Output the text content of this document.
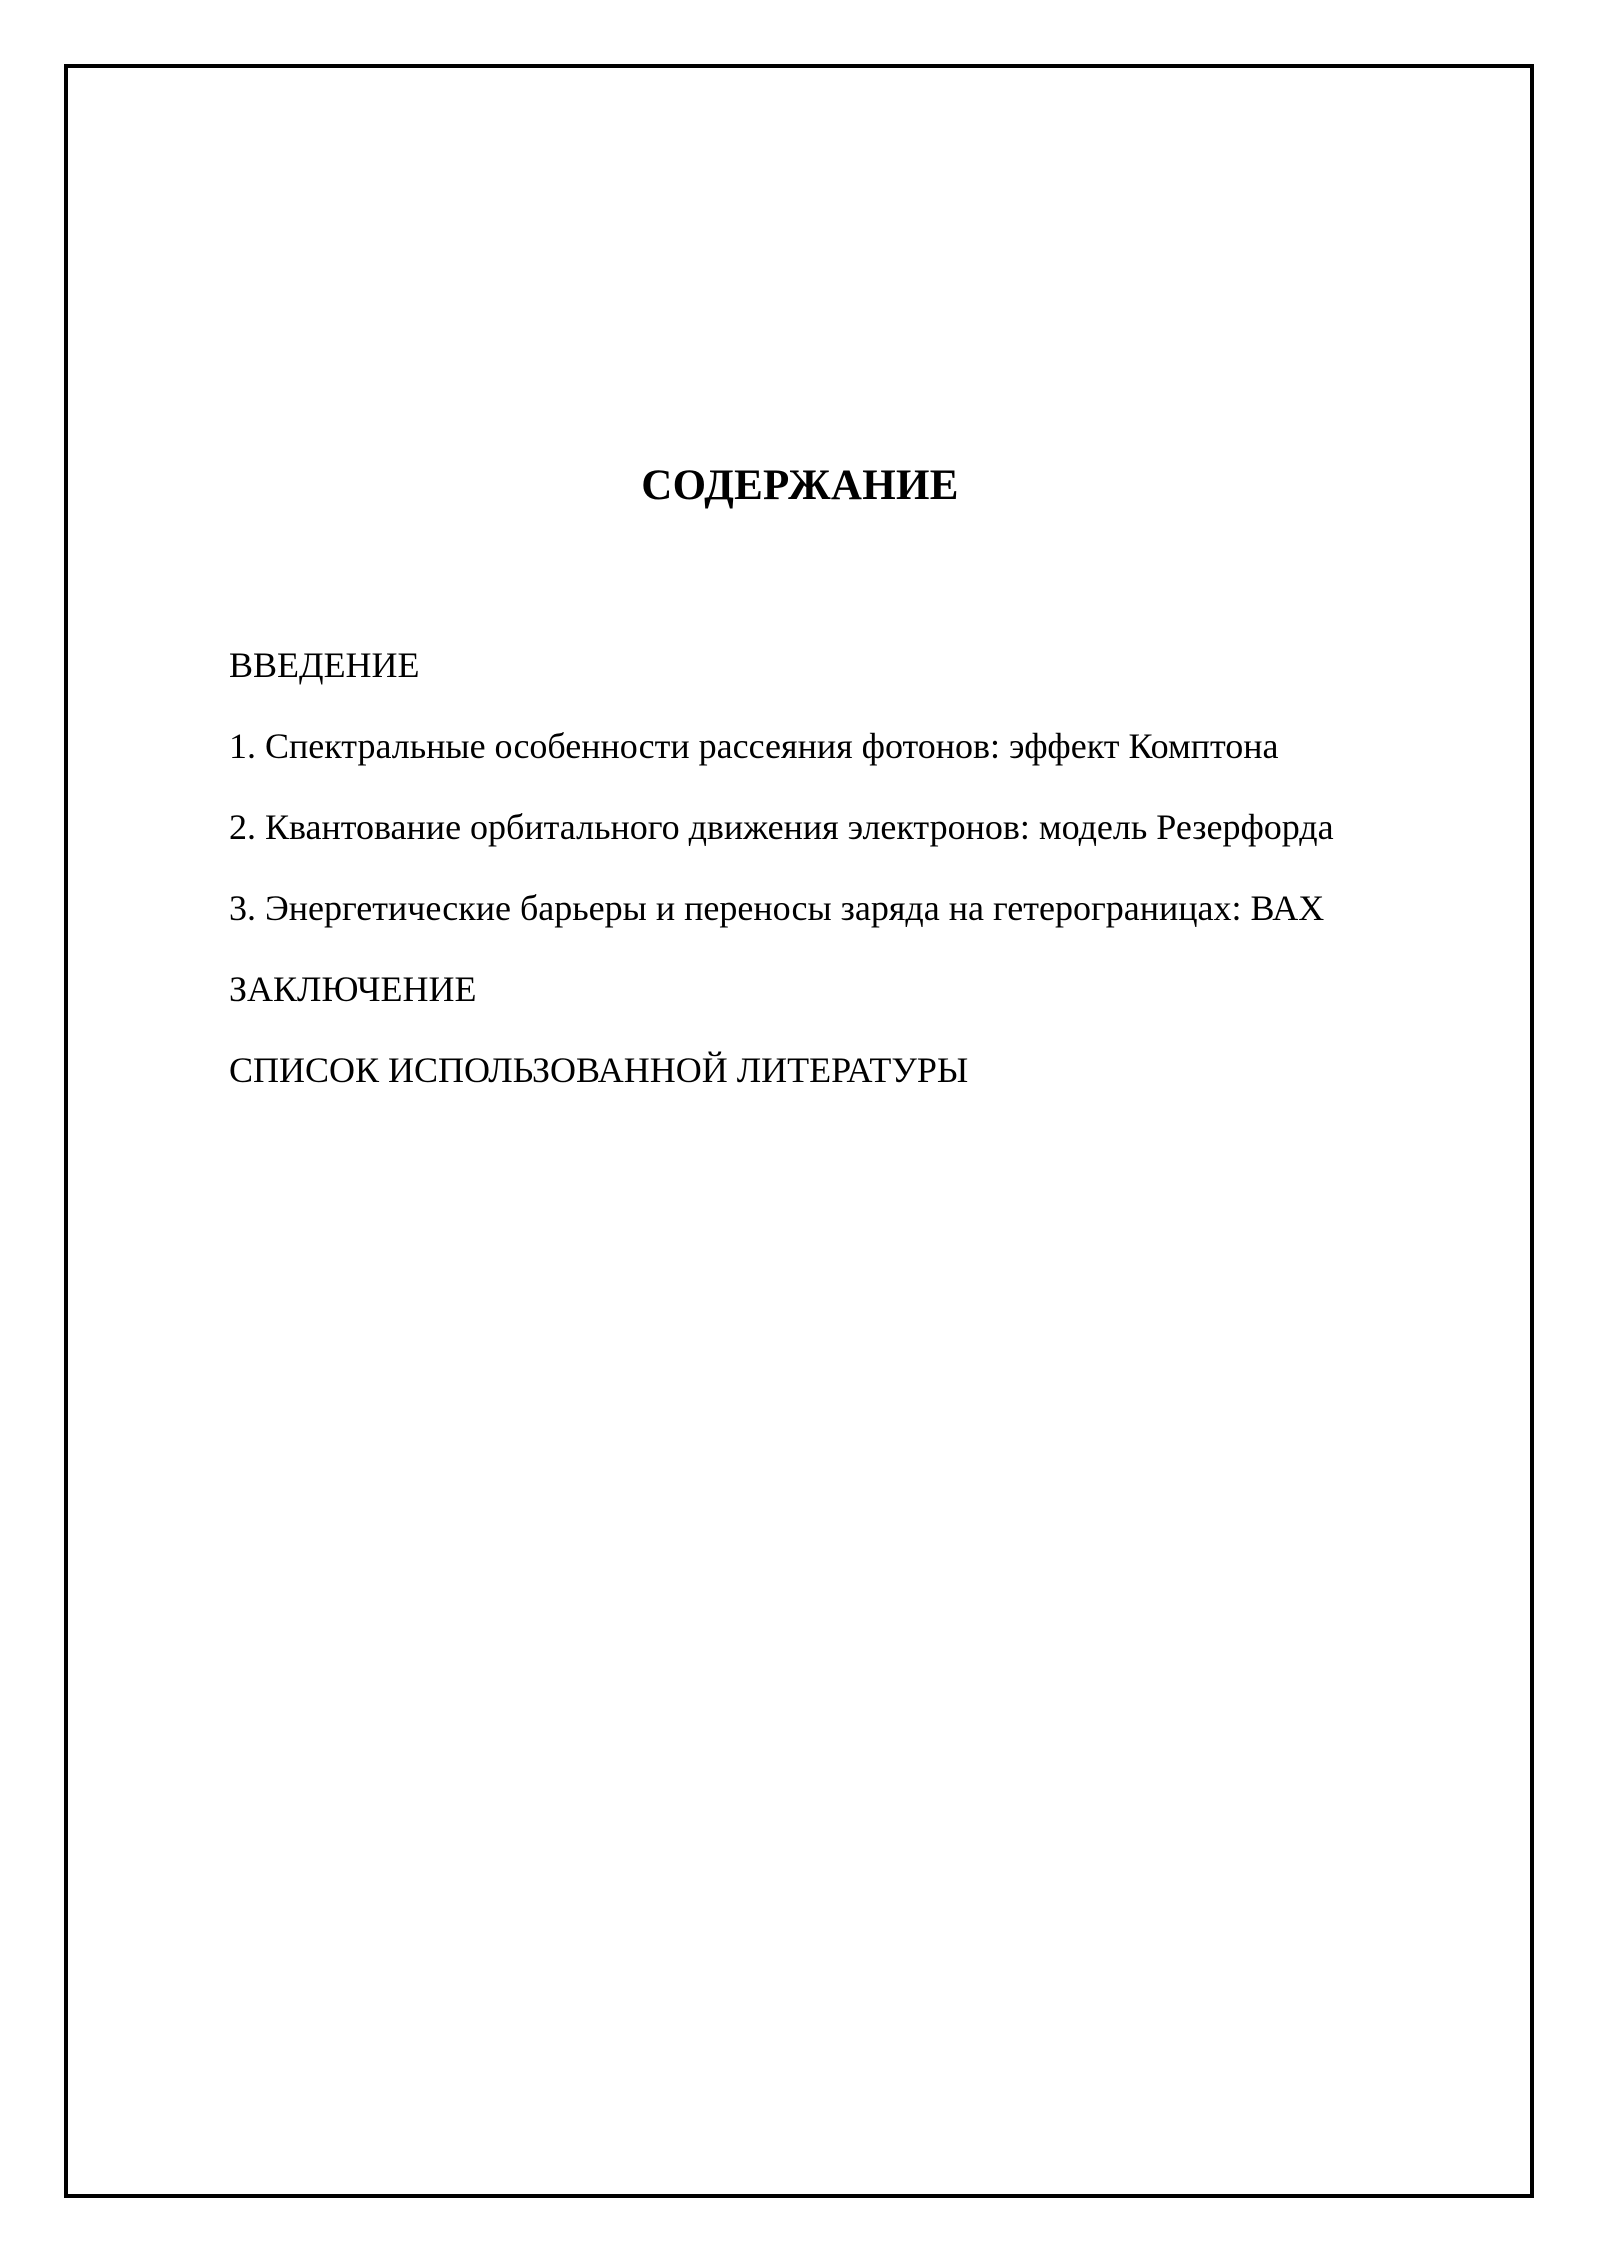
СОДЕРЖАНИЕ
ВВЕДЕНИЕ
1. Спектральные особенности рассеяния фотонов: эффект Комптона
2. Квантование орбитального движения электронов: модель Резерфорда
3. Энергетические барьеры и переносы заряда на гетерограницах: ВАХ
ЗАКЛЮЧЕНИЕ
СПИСОК ИСПОЛЬЗОВАННОЙ ЛИТЕРАТУРЫ
